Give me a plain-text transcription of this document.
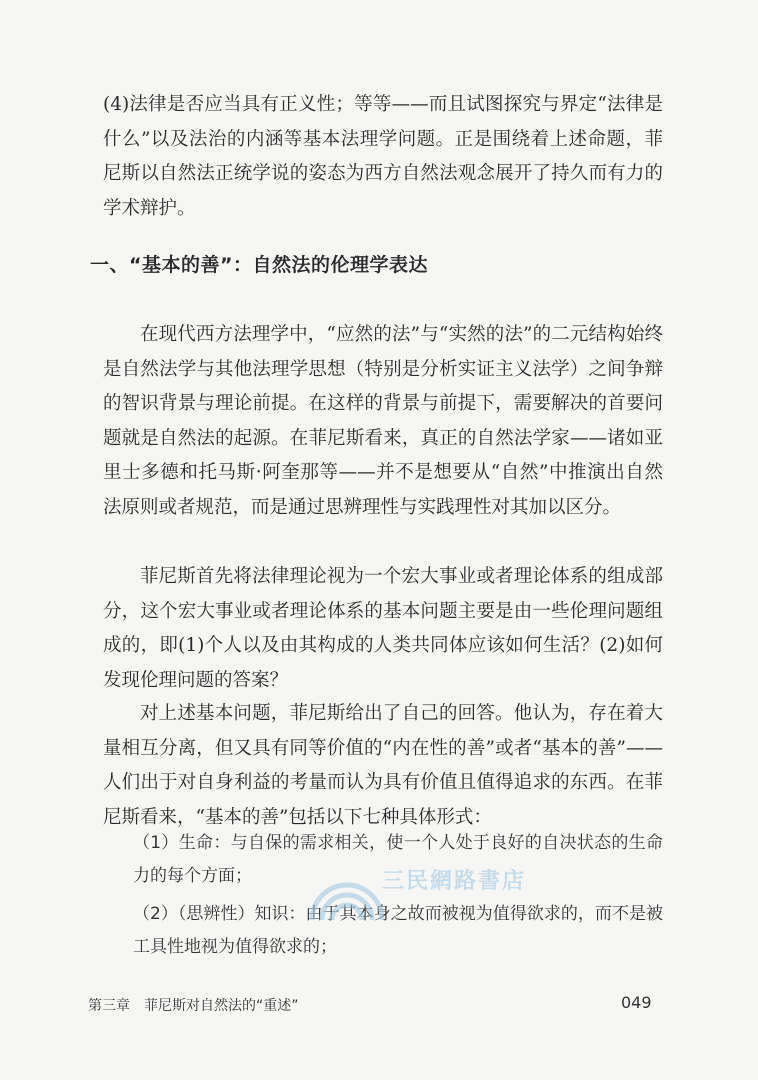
(4)法律是否应当具有正义性；等等——而且试图探究与界定“法律是什么”以及法治的内涵等基本法理学问题。正是围绕着上述命题，菲尼斯以自然法正统学说的姿态为西方自然法观念展开了持久而有力的学术辩护。

一、“基本的善”：自然法的伦理学表达

在现代西方法理学中，“应然的法”与“实然的法”的二元结构始终是自然法学与其他法理学思想（特别是分析实证主义法学）之间争辩的智识背景与理论前提。在这样的背景与前提下，需要解决的首要问题就是自然法的起源。在菲尼斯看来，真正的自然法学家——诸如亚里士多德和托马斯·阿奎那等——并不是想要从“自然”中推演出自然法原则或者规范，而是通过思辨理性与实践理性对其加以区分。

菲尼斯首先将法律理论视为一个宏大事业或者理论体系的组成部分，这个宏大事业或者理论体系的基本问题主要是由一些伦理问题组成的，即(1)个人以及由其构成的人类共同体应该如何生活？(2)如何发现伦理问题的答案？

对上述基本问题，菲尼斯给出了自己的回答。他认为，存在着大量相互分离，但又具有同等价值的“内在性的善”或者“基本的善”——人们出于对自身利益的考量而认为具有价值且值得追求的东西。在菲尼斯看来，“基本的善”包括以下七种具体形式：

（1）生命：与自保的需求相关，使一个人处于良好的自决状态的生命力的每个方面；

（2）（思辨性）知识：由于其本身之故而被视为值得欲求的，而不是被工具性地视为值得欲求的；

三民網路書店
第三章　菲尼斯对自然法的“重述”	049
